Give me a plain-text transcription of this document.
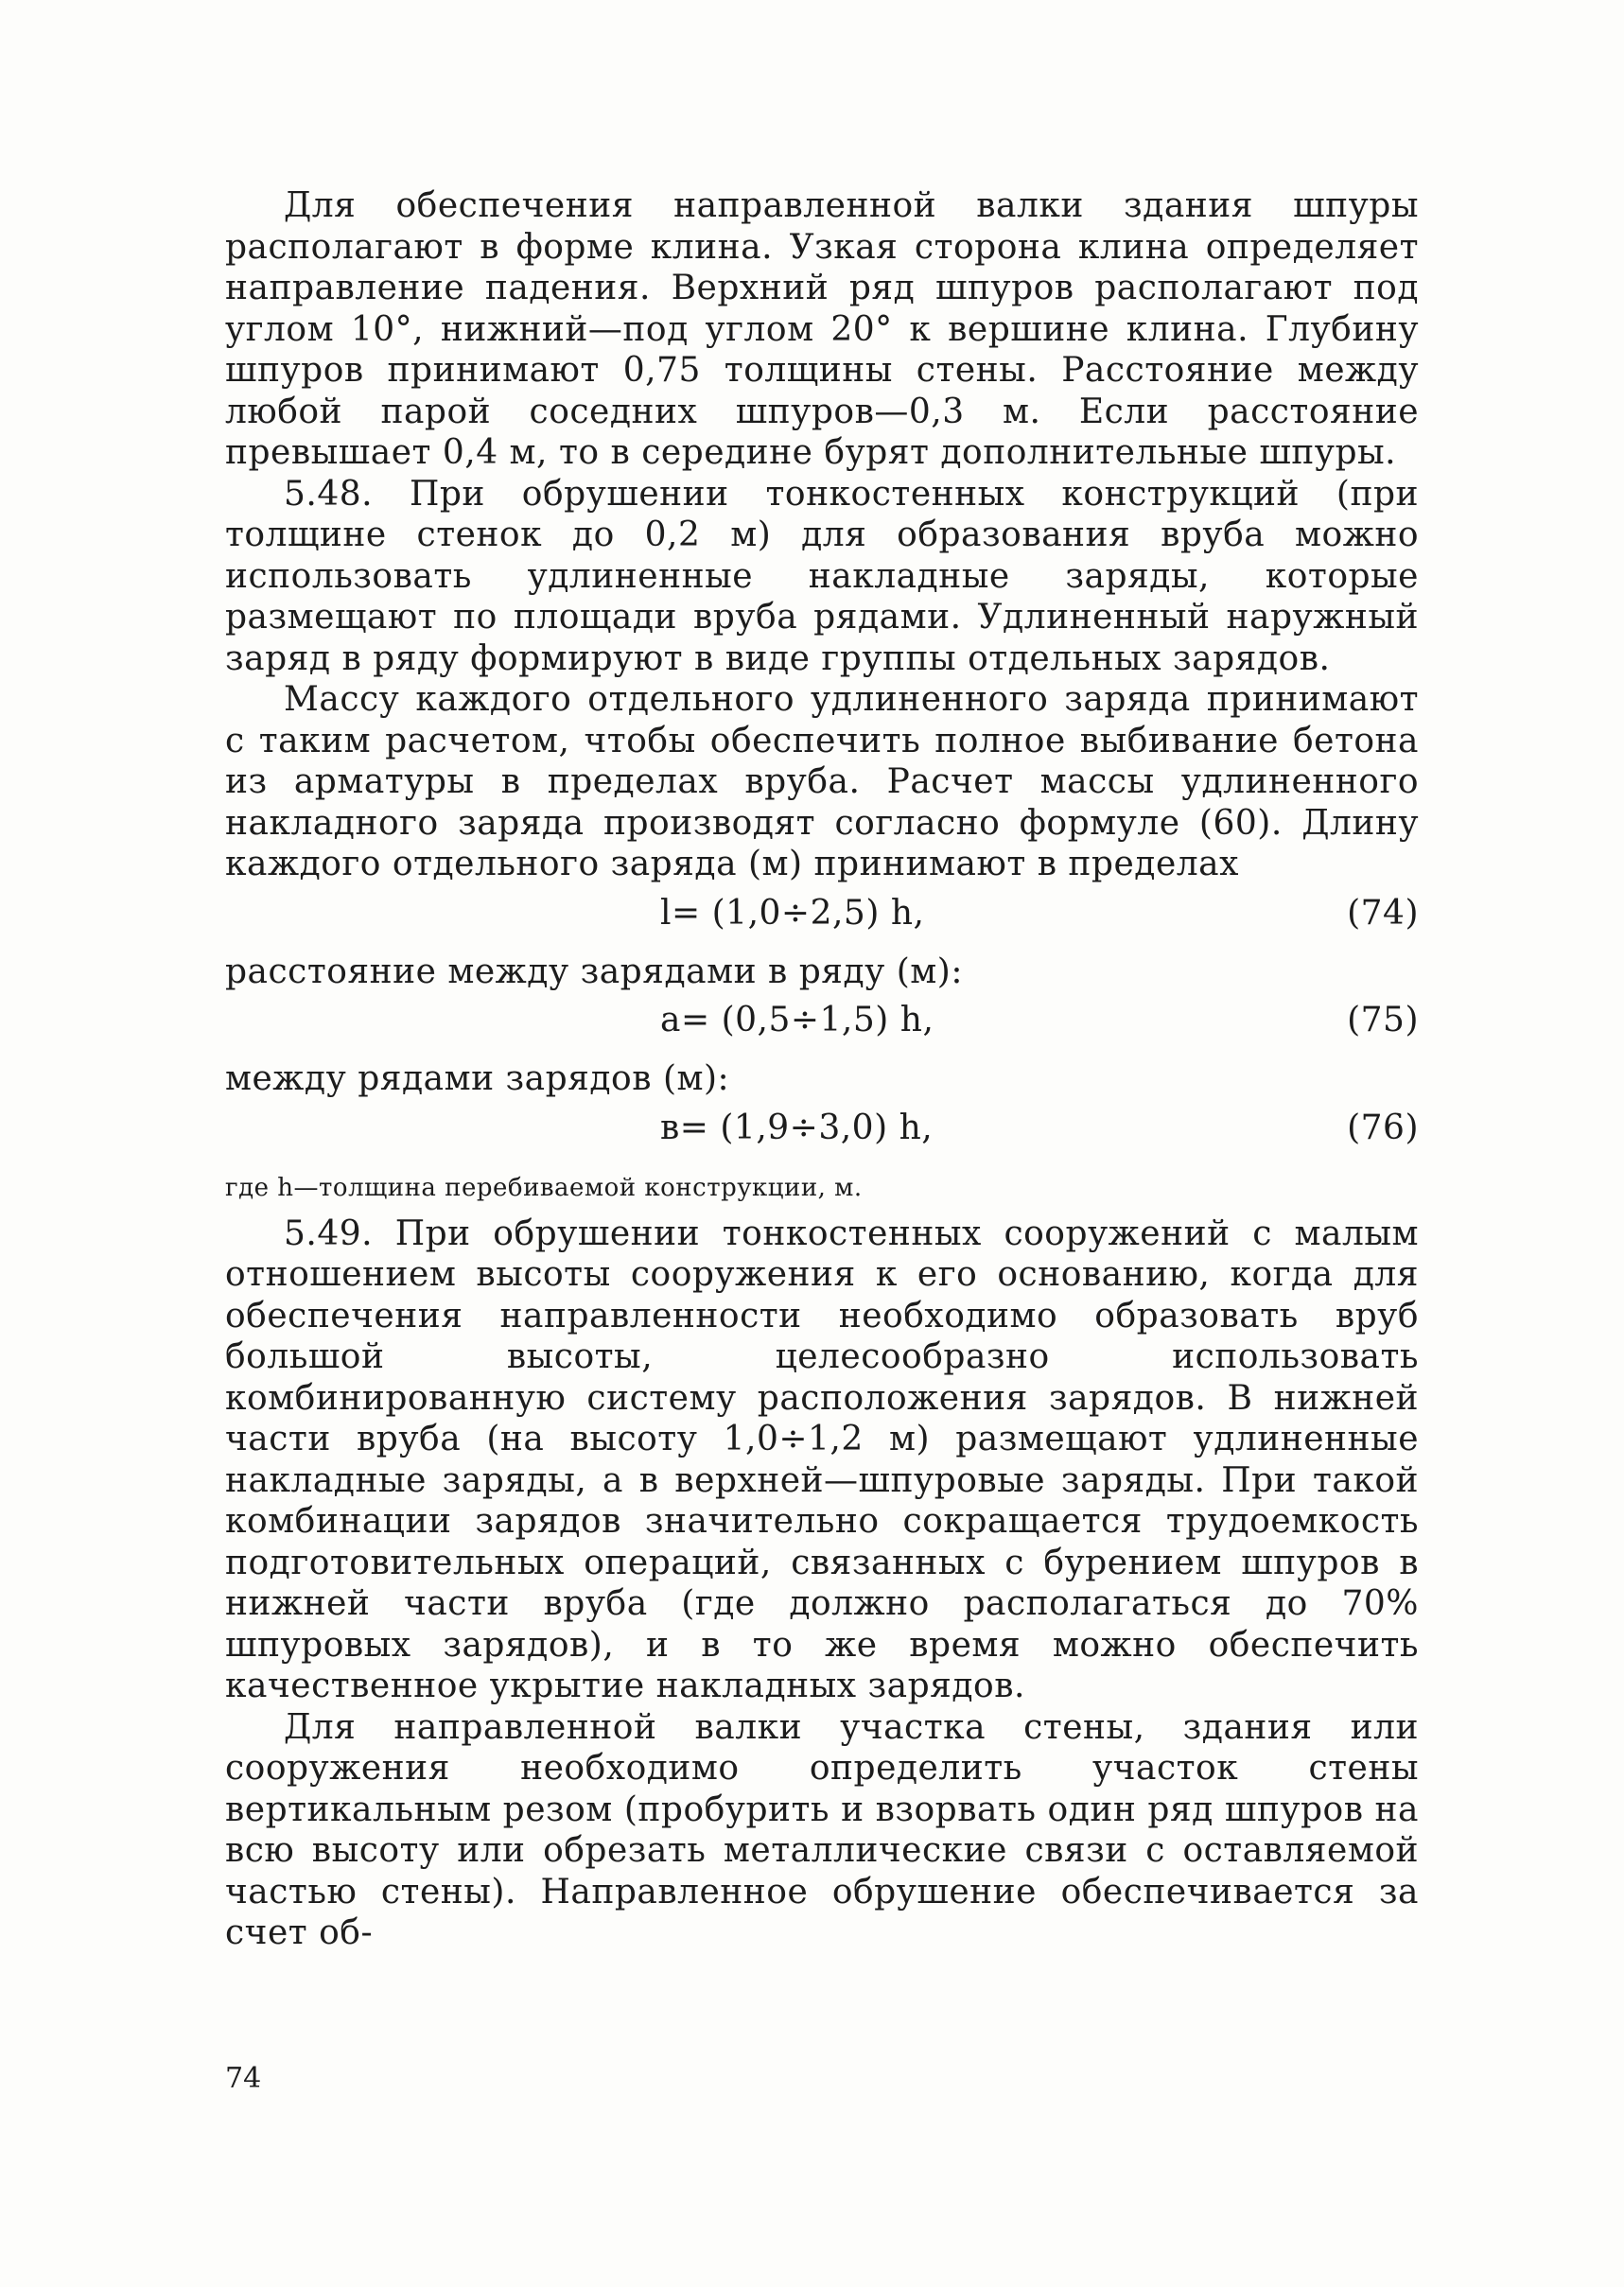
Для обеспечения направленной валки здания шпуры располагают в форме клина. Узкая сторона клина определяет направление падения. Верхний ряд шпуров располагают под углом 10°, нижний—под углом 20° к вершине клина. Глубину шпуров принимают 0,75 толщины стены. Расстояние между любой парой соседних шпуров—0,3 м. Если расстояние превышает 0,4 м, то в середине бурят дополнительные шпуры.

5.48. При обрушении тонкостенных конструкций (при толщине стенок до 0,2 м) для образования вруба можно использовать удлиненные накладные заряды, которые размещают по площади вруба рядами. Удлиненный наружный заряд в ряду формируют в виде группы отдельных зарядов.

Массу каждого отдельного удлиненного заряда принимают с таким расчетом, чтобы обеспечить полное выбивание бетона из арматуры в пределах вруба. Расчет массы удлиненного накладного заряда производят согласно формуле (60). Длину каждого отдельного заряда (м) принимают в пределах

l= (1,0÷2,5) h,	(74)

расстояние между зарядами в ряду (м):

a= (0,5÷1,5) h,	(75)

между рядами зарядов (м):

в= (1,9÷3,0) h,	(76)

где h—толщина перебиваемой конструкции, м.

5.49. При обрушении тонкостенных сооружений с малым отношением высоты сооружения к его основанию, когда для обеспечения направленности необходимо образовать вруб большой высоты, целесообразно использовать комбинированную систему расположения зарядов. В нижней части вруба (на высоту 1,0÷1,2 м) размещают удлиненные накладные заряды, а в верхней—шпуровые заряды. При такой комбинации зарядов значительно сокращается трудоемкость подготовительных операций, связанных с бурением шпуров в нижней части вруба (где должно располагаться до 70% шпуровых зарядов), и в то же время можно обеспечить качественное укрытие накладных зарядов.

Для направленной валки участка стены, здания или сооружения необходимо определить участок стены вертикальным резом (пробурить и взорвать один ряд шпуров на всю высоту или обрезать металлические связи с оставляемой частью стены). Направленное обрушение обеспечивается за счет об-

74
